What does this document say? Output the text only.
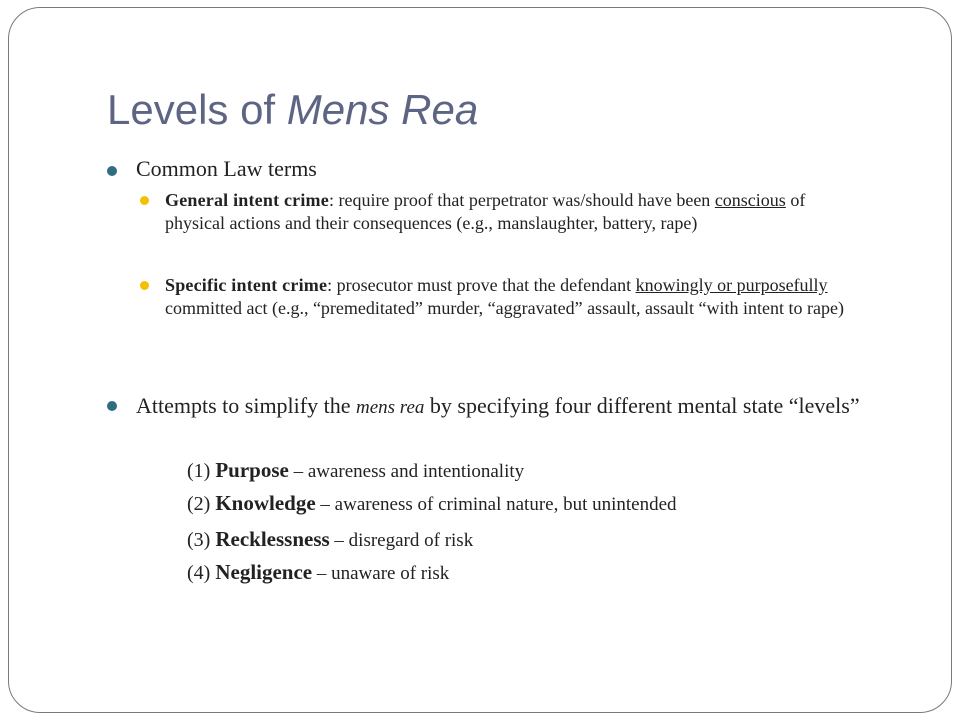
Levels of Mens Rea
Common Law terms
General intent crime: require proof that perpetrator was/should have been conscious of physical actions and their consequences (e.g., manslaughter, battery, rape)
Specific intent crime: prosecutor must prove that the defendant knowingly or purposefully committed act (e.g., “premeditated” murder, “aggravated” assault, assault “with intent to rape)
Attempts to simplify the mens rea by specifying four different mental state “levels”
(1) Purpose – awareness and intentionality
(2) Knowledge – awareness of criminal nature, but unintended
(3) Recklessness – disregard of risk
(4) Negligence – unaware of risk
